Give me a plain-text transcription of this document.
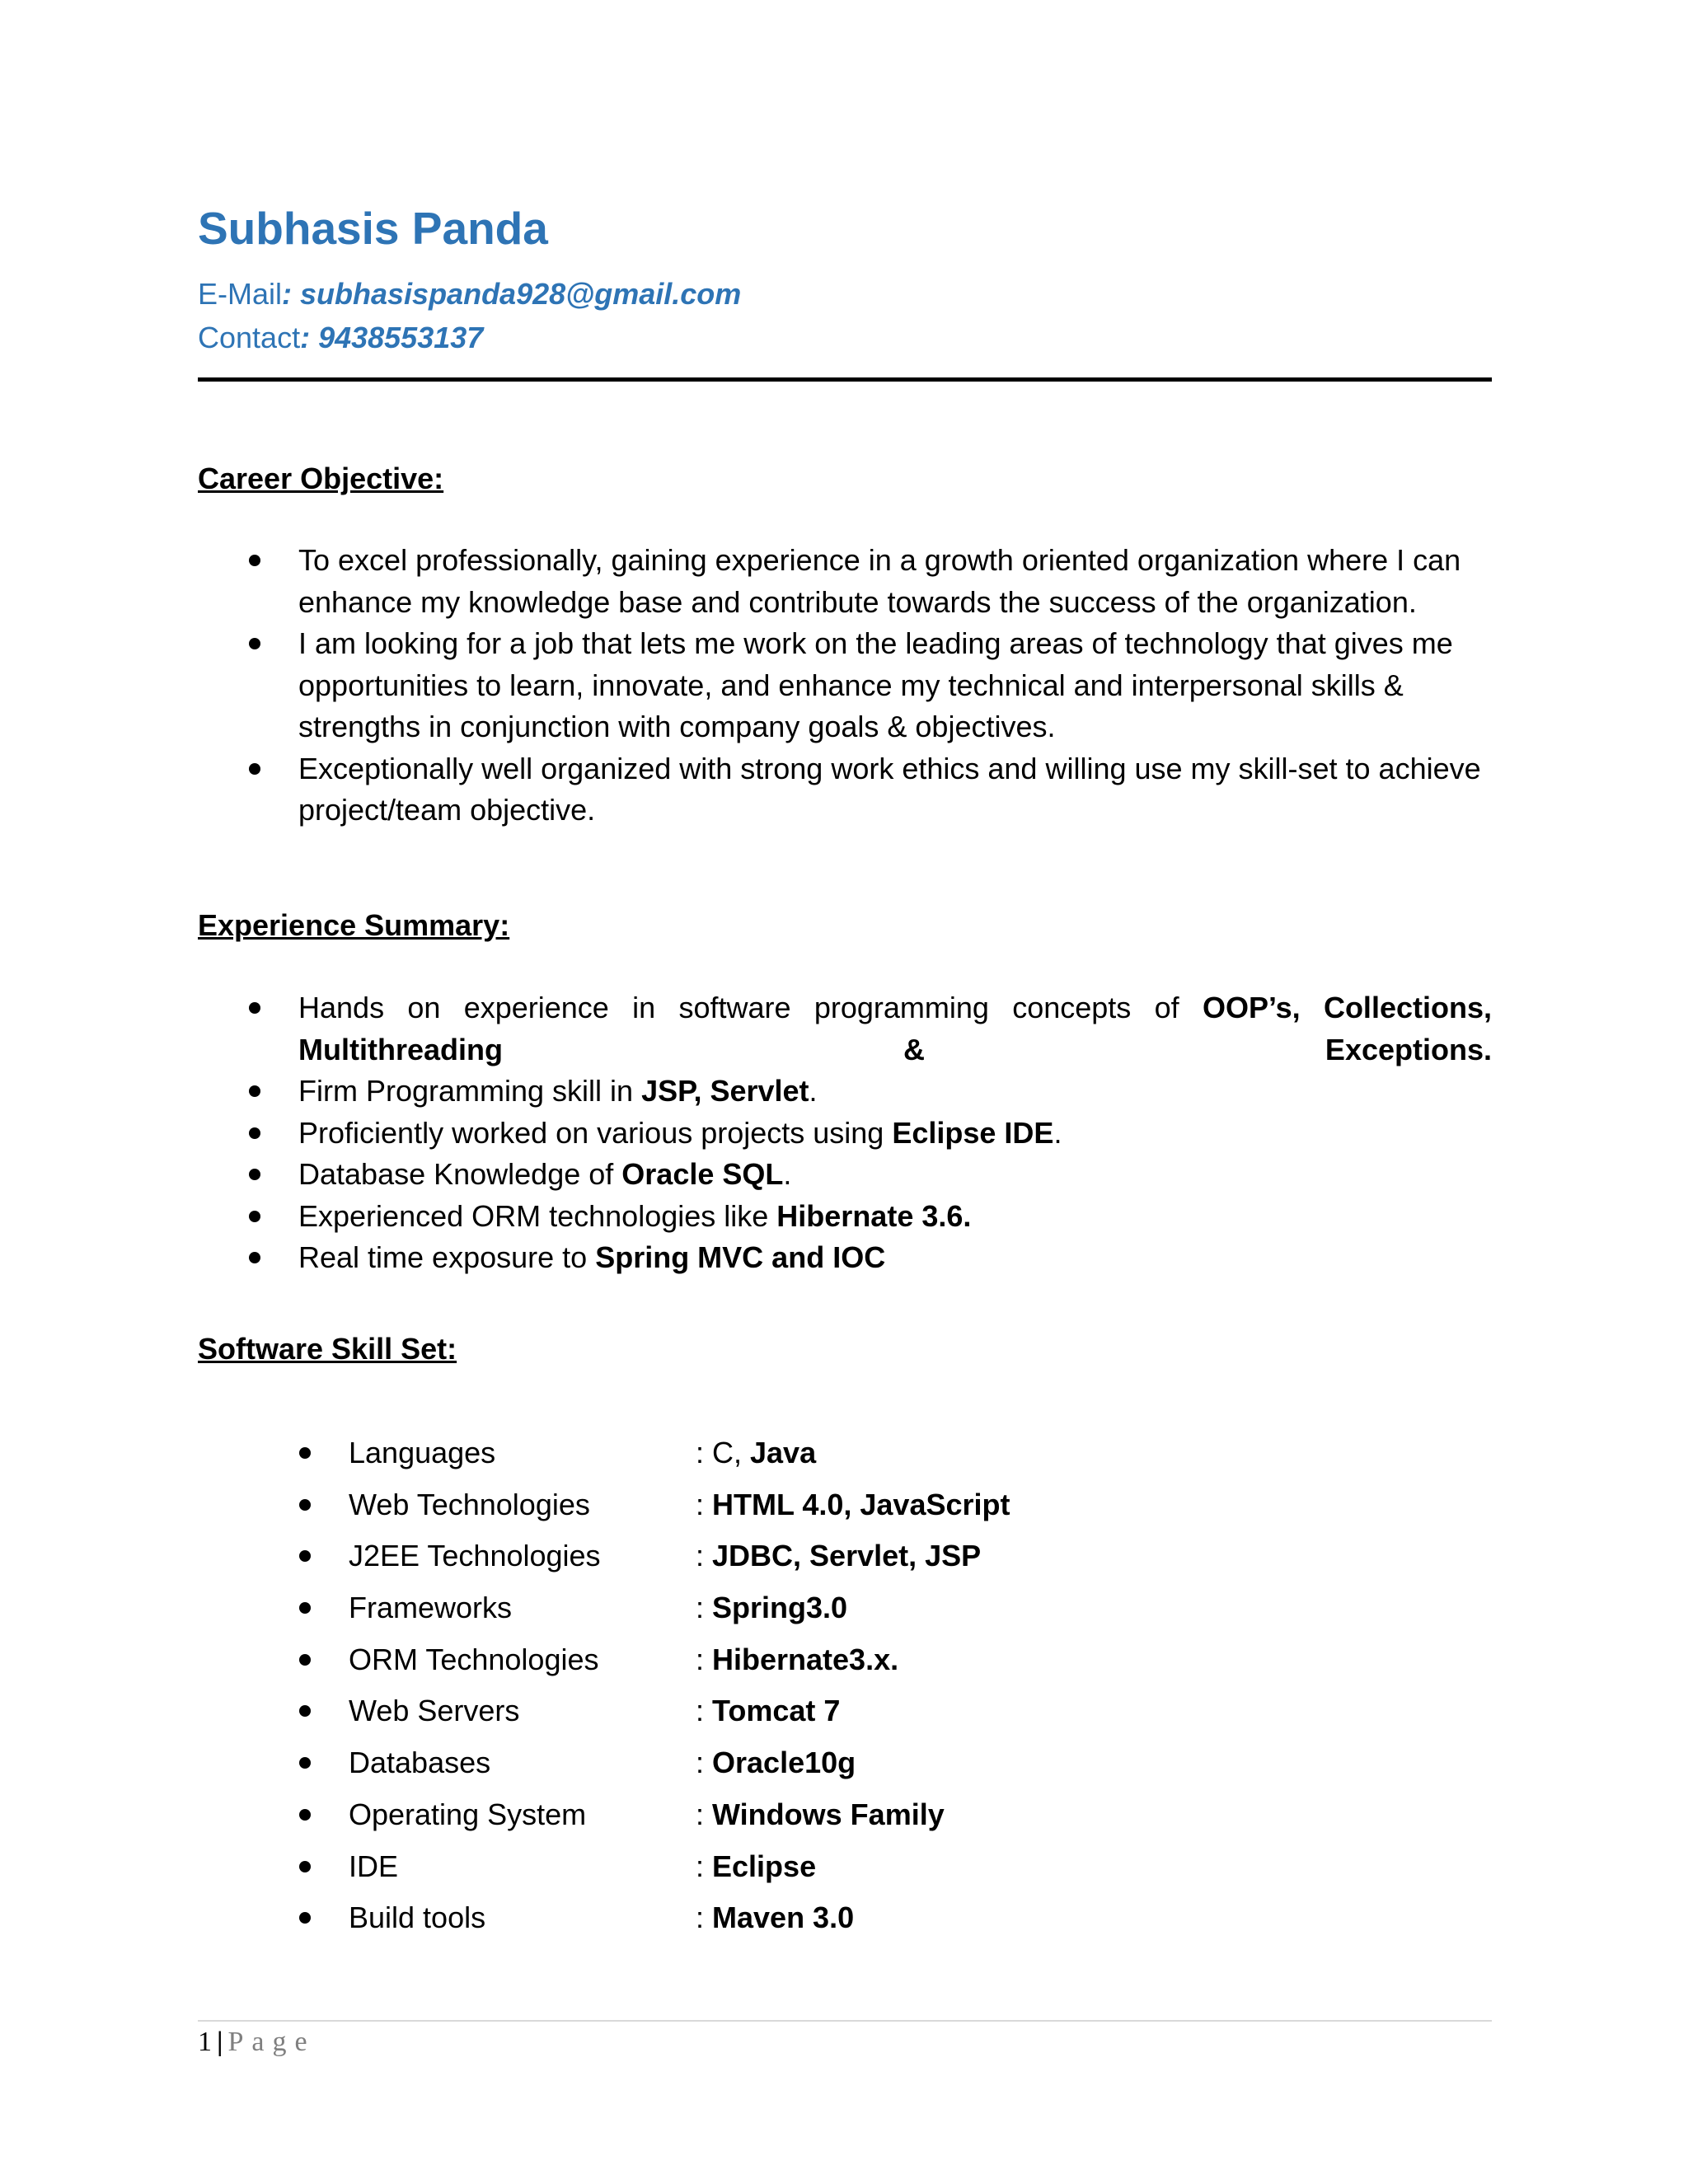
Subhasis Panda
E-Mail: subhasispanda928@gmail.com
Contact: 9438553137
Career Objective:
To excel professionally, gaining experience in a growth oriented organization where I can enhance my knowledge base and contribute towards the success of the organization.
I am looking for a job that lets me work on the leading areas of technology that gives me opportunities to learn, innovate, and enhance my technical and interpersonal skills & strengths in conjunction with company goals & objectives.
Exceptionally well organized with strong work ethics and willing use my skill-set to achieve project/team objective.
Experience Summary:
Hands on experience in software programming concepts of OOP’s, Collections, Multithreading & Exceptions.
Firm Programming skill in JSP, Servlet.
Proficiently worked on various projects using Eclipse IDE.
Database Knowledge of Oracle SQL.
Experienced ORM technologies like Hibernate 3.6.
Real time exposure to Spring MVC and IOC
Software Skill Set:
Languages	: C, Java
Web Technologies	: HTML 4.0, JavaScript
J2EE Technologies	: JDBC, Servlet, JSP
Frameworks	: Spring3.0
ORM Technologies	: Hibernate3.x.
Web Servers	: Tomcat 7
Databases	: Oracle10g
Operating System	: Windows Family
IDE	: Eclipse
Build tools	: Maven 3.0
1 | Page
